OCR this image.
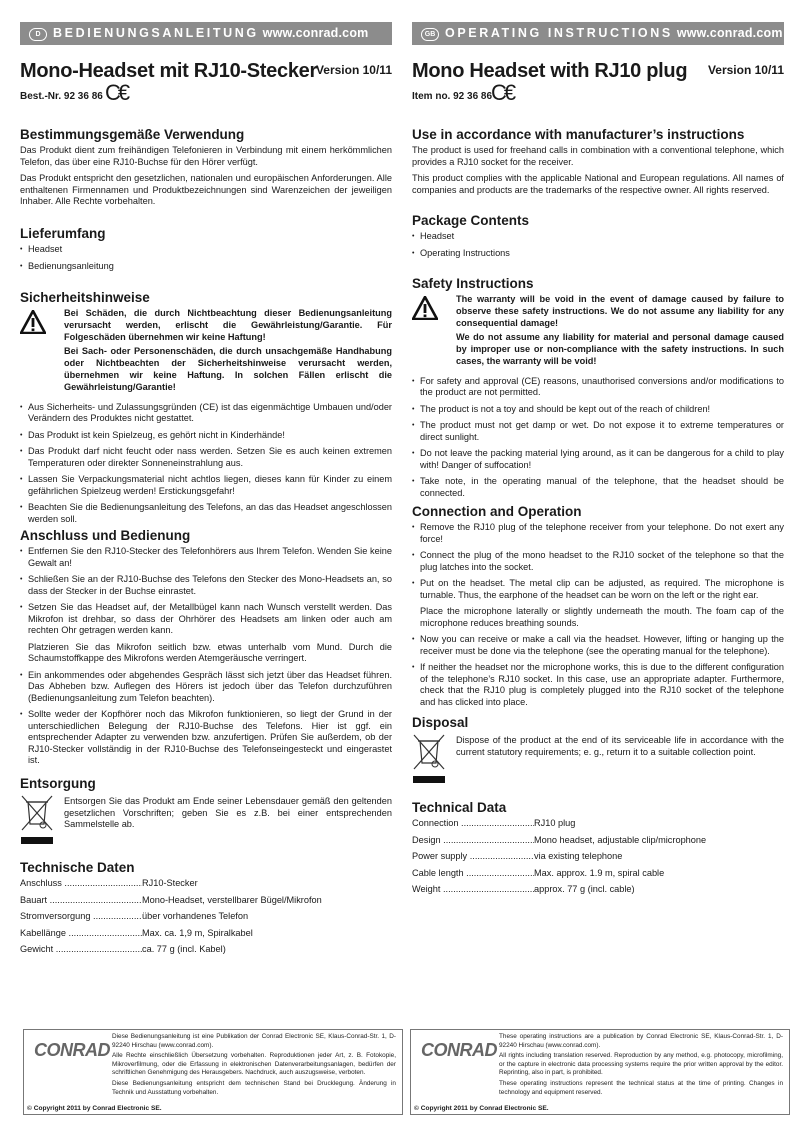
D BEDIENUNGSANLEITUNG www.conrad.com
Mono-Headset mit RJ10-Stecker
Version 10/11
Best.-Nr. 92 36 86 C€
Bestimmungsgemäße Verwendung

Das Produkt dient zum freihändigen Telefonieren in Verbindung mit einem herkömmlichen Telefon, das über eine RJ10-Buchse für den Hörer verfügt.

Das Produkt entspricht den gesetzlichen, nationalen und europäischen Anforderungen. Alle enthaltenen Firmennamen und Produktbezeichnungen sind Warenzeichen der jeweiligen Inhaber. Alle Rechte vorbehalten.

Lieferumfang
• Headset
• Bedienungsanleitung
Sicherheitshinweise

Bei Schäden, die durch Nichtbeachtung dieser Bedienungsanleitung verursacht werden, erlischt die Gewährleistung/Garantie. Für Folgeschäden übernehmen wir keine Haftung!

Bei Sach- oder Personenschäden, die durch unsachgemäße Handhabung oder Nichtbeachten der Sicherheitshinweise verursacht werden, übernehmen wir keine Haftung. In solchen Fällen erlischt die Gewährleistung/Garantie!

• Aus Sicherheits- und Zulassungsgründen (CE) ist das eigenmächtige Umbauen und/oder Verändern des Produktes nicht gestattet.
• Das Produkt ist kein Spielzeug, es gehört nicht in Kinderhände!
• Das Produkt darf nicht feucht oder nass werden. Setzen Sie es auch keinen extremen Temperaturen oder direkter Sonneneinstrahlung aus.
• Lassen Sie Verpackungsmaterial nicht achtlos liegen, dieses kann für Kinder zu einem gefährlichen Spielzeug werden! Erstickungsgefahr!
• Beachten Sie die Bedienungsanleitung des Telefons, an das das Headset angeschlossen werden soll.
Anschluss und Bedienung
• Entfernen Sie den RJ10-Stecker des Telefonhörers aus Ihrem Telefon. Wenden Sie keine Gewalt an!
• Schließen Sie an der RJ10-Buchse des Telefons den Stecker des Mono-Headsets an, so dass der Stecker in der Buchse einrastet.
• Setzen Sie das Headset auf, der Metallbügel kann nach Wunsch verstellt werden. Das Mikrofon ist drehbar, so dass der Ohrhörer des Headsets am linken oder auch am rechten Ohr getragen werden kann.
Platzieren Sie das Mikrofon seitlich bzw. etwas unterhalb vom Mund. Durch die Schaumstoffkappe des Mikrofons werden Atemgeräusche verringert.
• Ein ankommendes oder abgehendes Gespräch lässt sich jetzt über das Headset führen. Das Abheben bzw. Auflegen des Hörers ist jedoch über das Telefon durchzuführen (Bedienungsanleitung zum Telefon beachten).
• Sollte weder der Kopfhörer noch das Mikrofon funktionieren, so liegt der Grund in der unterschiedlichen Belegung der RJ10-Buchse des Telefons. Hier ist ggf. ein entsprechender Adapter zu verwenden bzw. anzufertigen. Prüfen Sie außerdem, ob der RJ10-Stecker vollständig in der RJ10-Buchse des Telefonseingesteckt und eingerastet ist.
Entsorgung
Entsorgen Sie das Produkt am Ende seiner Lebensdauer gemäß den geltenden gesetzlichen Vorschriften; geben Sie es z.B. bei einer entsprechenden Sammelstelle ab.
Technische Daten
Anschluss .....	RJ10-Stecker
Bauart .....	Mono-Headset, verstellbarer Bügel/Mikrofon
Stromversorgung .....	über vorhandenes Telefon
Kabellänge .....	Max. ca. 1,9 m, Spiralkabel
Gewicht .....	ca. 77 g (incl. Kabel)
CONRAD

Diese Bedienungsanleitung ist eine Publikation der Conrad Electronic SE, Klaus-Conrad-Str. 1, D-92240 Hirschau (www.conrad.com).

Alle Rechte einschließlich Übersetzung vorbehalten. Reproduktionen jeder Art, z. B. Fotokopie, Mikroverfilmung, oder die Erfassung in elektronischen Datenverarbeitungsanlagen, bedürfen der schriftlichen Genehmigung des Herausgebers. Nachdruck, auch auszugsweise, verboten.

Diese Bedienungsanleitung entspricht dem technischen Stand bei Drucklegung. Änderung in Technik und Ausstattung vorbehalten.

© Copyright 2011 by Conrad Electronic SE.
GB OPERATING INSTRUCTIONS www.conrad.com
Mono Headset with RJ10 plug Version 10/11
Item no. 92 36 86
C€
Use in accordance with manufacturer’s instructions

The product is used for freehand calls in combination with a conventional telephone, which provides a RJ10 socket for the receiver.

This product complies with the applicable National and European regulations. All names of companies and products are the trademarks of the respective owner. All rights reserved.

Package Contents
• Headset
• Operating Instructions
Safety Instructions

The warranty will be void in the event of damage caused by failure to observe these safety instructions. We do not assume any liability for any consequential damage!

We do not assume any liability for material and personal damage caused by improper use or non-compliance with the safety instructions. In such cases, the warranty will be void!

• For safety and approval (CE) reasons, unauthorised conversions and/or modifications to the product are not permitted.
• The product is not a toy and should be kept out of the reach of children!
• The product must not get damp or wet. Do not expose it to extreme temperatures or direct sunlight.
• Do not leave the packing material lying around, as it can be dangerous for a child to play with! Danger of suffocation!
• Take note, in the operating manual of the telephone, that the headset should be connected.
Connection and Operation
• Remove the RJ10 plug of the telephone receiver from your telephone. Do not exert any force!
• Connect the plug of the mono headset to the RJ10 socket of the telephone so that the plug latches into the socket.
• Put on the headset. The metal clip can be adjusted, as required. The microphone is turnable. Thus, the earphone of the headset can be worn on the left or the right ear.
Place the microphone laterally or slightly underneath the mouth. The foam cap of the microphone reduces breathing sounds.
• Now you can receive or make a call via the headset. However, lifting or hanging up the receiver must be done via the telephone (see the operating manual for the telephone).
• If neither the headset nor the microphone works, this is due to the different configuration of the telephone’s RJ10 socket. In this case, use an appropriate adapter. Furthermore, check that the RJ10 plug is completely plugged into the RJ10 socket of the telephone and has clicked into place.
Disposal
Dispose of the product at the end of its serviceable life in accordance with the current statutory requirements; e. g., return it to a suitable collection point.
Technical Data
Connection .....	RJ10 plug
Design .....	Mono headset, adjustable clip/microphone
Power supply .....	via existing telephone
Cable length .....	Max. approx. 1.9 m, spiral cable
Weight .....	approx. 77 g (incl. cable)
CONRAD

These operating instructions are a publication by Conrad Electronic SE, Klaus-Conrad-Str. 1, D-92240 Hirschau (www.conrad.com).

All rights including translation reserved. Reproduction by any method, e.g. photocopy, microfilming, or the capture in electronic data processing systems require the prior written approval by the editor. Reprinting, also in part, is prohibited.

These operating instructions represent the technical status at the time of printing. Changes in technology and equipment reserved.

© Copyright 2011 by Conrad Electronic SE.
